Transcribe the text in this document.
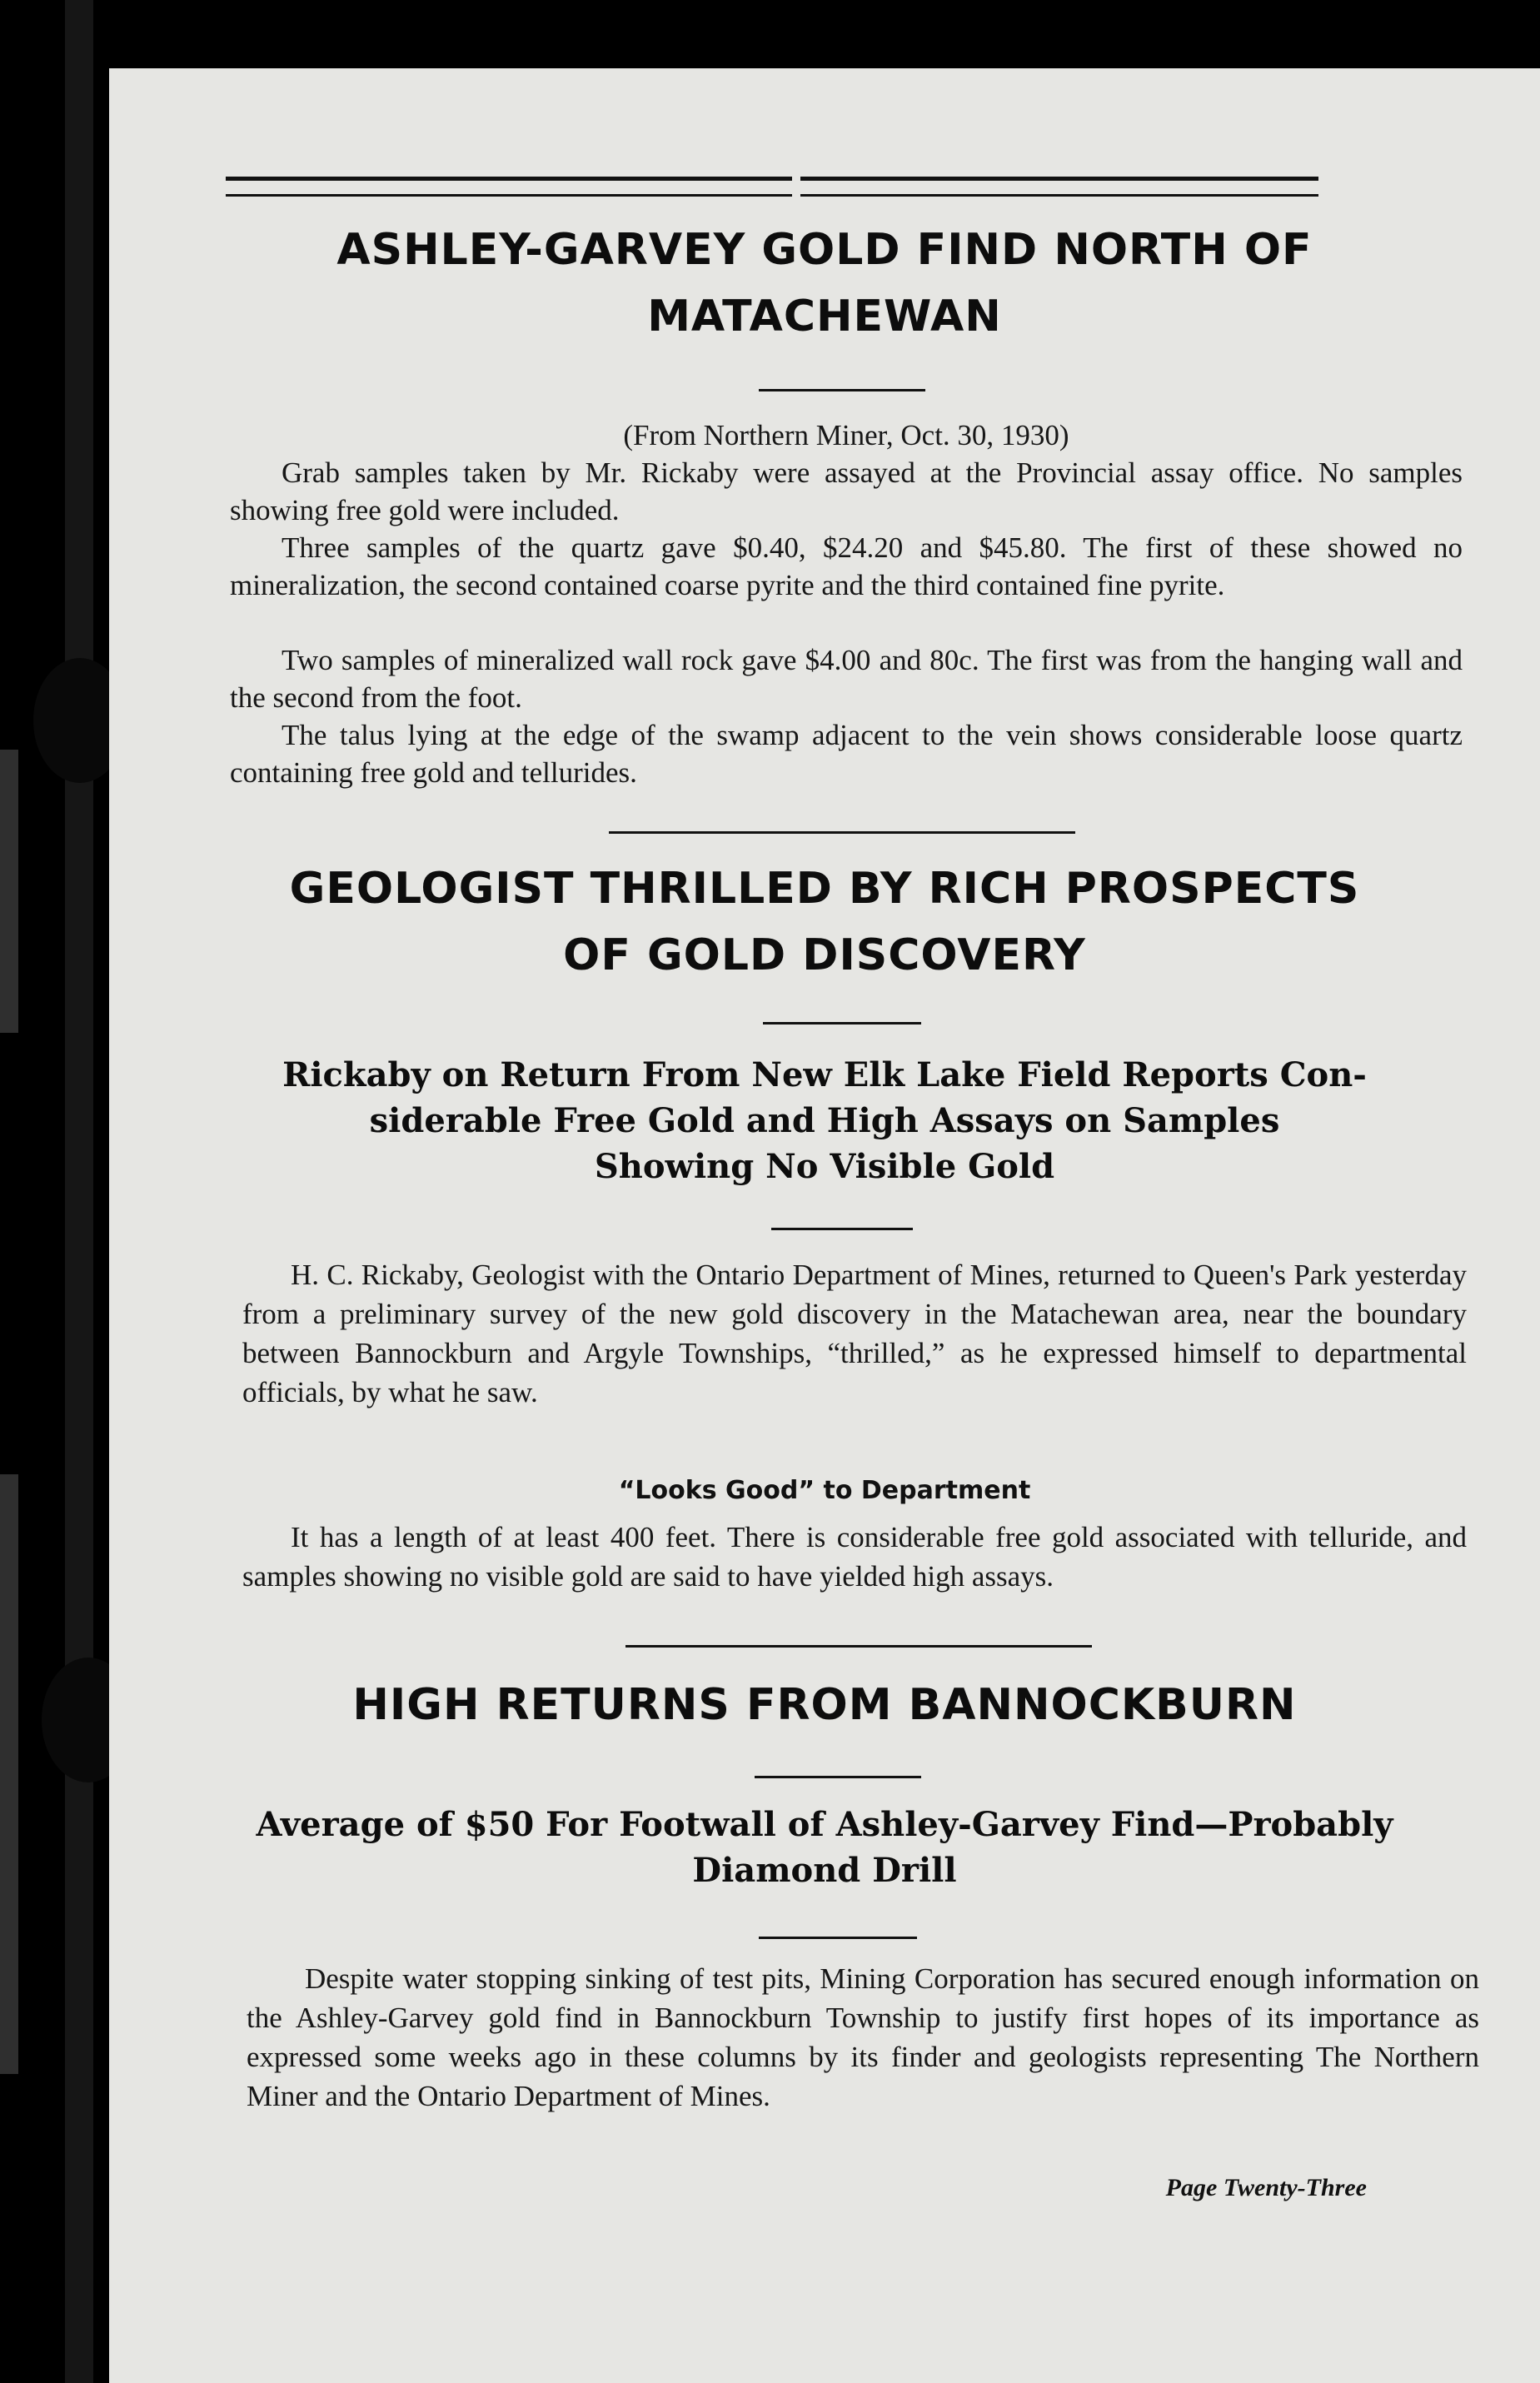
ASHLEY-GARVEY GOLD FIND NORTH OF
MATACHEWAN

(From Northern Miner, Oct. 30, 1930)

Grab samples taken by Mr. Rickaby were assayed at the Provincial assay office. No samples showing free gold were included.

Three samples of the quartz gave $0.40, $24.20 and $45.80. The first of these showed no mineralization, the second contained coarse pyrite and the third contained fine pyrite.

Two samples of mineralized wall rock gave $4.00 and 80c. The first was from the hanging wall and the second from the foot.

The talus lying at the edge of the swamp adjacent to the vein shows considerable loose quartz containing free gold and tellurides.

GEOLOGIST THRILLED BY RICH PROSPECTS
OF GOLD DISCOVERY
Rickaby on Return From New Elk Lake Field Reports Con-
siderable Free Gold and High Assays on Samples
Showing No Visible Gold

H. C. Rickaby, Geologist with the Ontario Department of Mines, returned to Queen's Park yesterday from a preliminary survey of the new gold discovery in the Matachewan area, near the boundary between Bannockburn and Argyle Townships, “thrilled,” as he expressed himself to departmental officials, by what he saw.

“Looks Good” to Department

It has a length of at least 400 feet. There is considerable free gold associated with telluride, and samples showing no visible gold are said to have yielded high assays.

HIGH RETURNS FROM BANNOCKBURN
Average of $50 For Footwall of Ashley-Garvey Find—Probably
Diamond Drill

Despite water stopping sinking of test pits, Mining Corporation has secured enough information on the Ashley-Garvey gold find in Bannockburn Township to justify first hopes of its importance as expressed some weeks ago in these columns by its finder and geologists representing The Northern Miner and the Ontario Department of Mines.

Page Twenty-Three
